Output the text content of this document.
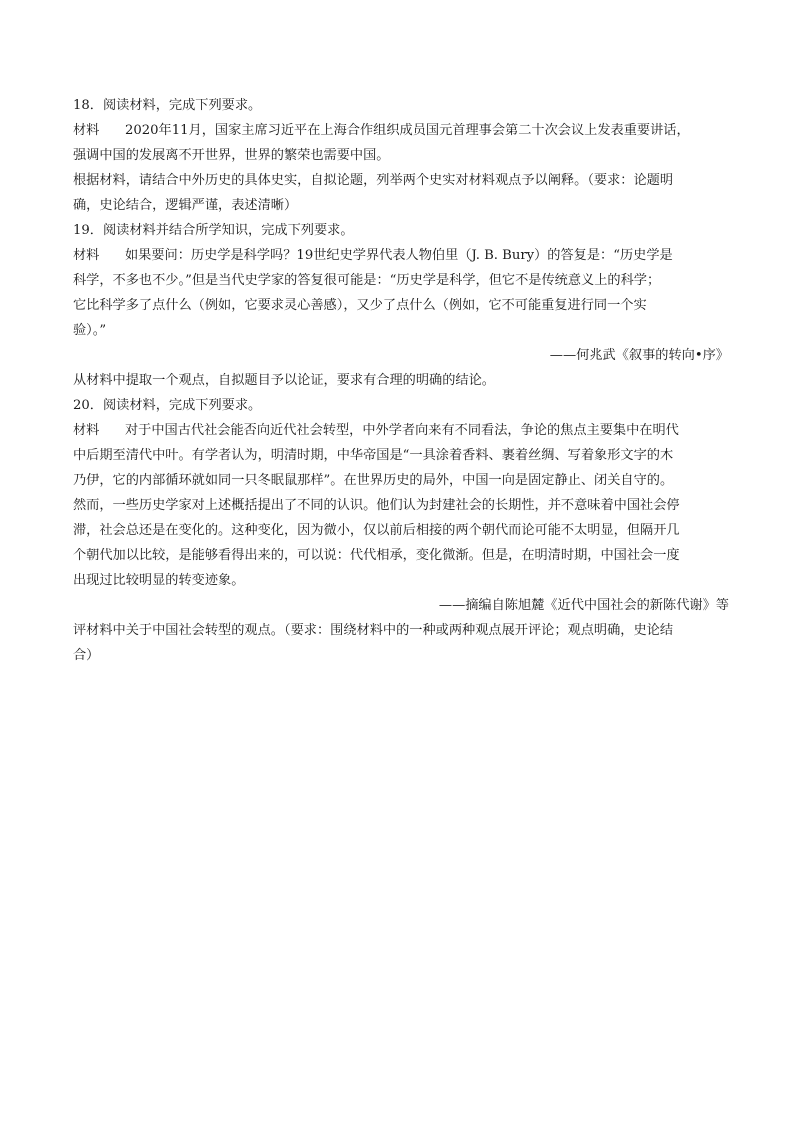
18．阅读材料，完成下列要求。
材料 2020年11月，国家主席习近平在上海合作组织成员国元首理事会第二十次会议上发表重要讲话，
强调中国的发展离不开世界，世界的繁荣也需要中国。
根据材料，请结合中外历史的具体史实，自拟论题，列举两个史实对材料观点予以阐释。（要求：论题明
确，史论结合，逻辑严谨，表述清晰）
19．阅读材料并结合所学知识，完成下列要求。
材料 如果要问：历史学是科学吗？19世纪史学界代表人物伯里（J. B. Bury）的答复是：“历史学是
科学，不多也不少。”但是当代史学家的答复很可能是：“历史学是科学，但它不是传统意义上的科学；
它比科学多了点什么（例如，它要求灵心善感），又少了点什么（例如，它不可能重复进行同一个实
验）。”
——何兆武《叙事的转向•序》
从材料中提取一个观点，自拟题目予以论证，要求有合理的明确的结论。
20．阅读材料，完成下列要求。
材料 对于中国古代社会能否向近代社会转型，中外学者向来有不同看法，争论的焦点主要集中在明代
中后期至清代中叶。有学者认为，明清时期，中华帝国是“一具涂着香料、裹着丝绸、写着象形文字的木
乃伊，它的内部循环就如同一只冬眠鼠那样”。在世界历史的局外，中国一向是固定静止、闭关自守的。
然而，一些历史学家对上述概括提出了不同的认识。他们认为封建社会的长期性，并不意味着中国社会停
滞，社会总还是在变化的。这种变化，因为微小，仅以前后相接的两个朝代而论可能不太明显，但隔开几
个朝代加以比较，是能够看得出来的，可以说：代代相承，变化微渐。但是，在明清时期，中国社会一度
出现过比较明显的转变迹象。
——摘编自陈旭麓《近代中国社会的新陈代谢》等
评材料中关于中国社会转型的观点。（要求：围绕材料中的一种或两种观点展开评论；观点明确，史论结
合）
